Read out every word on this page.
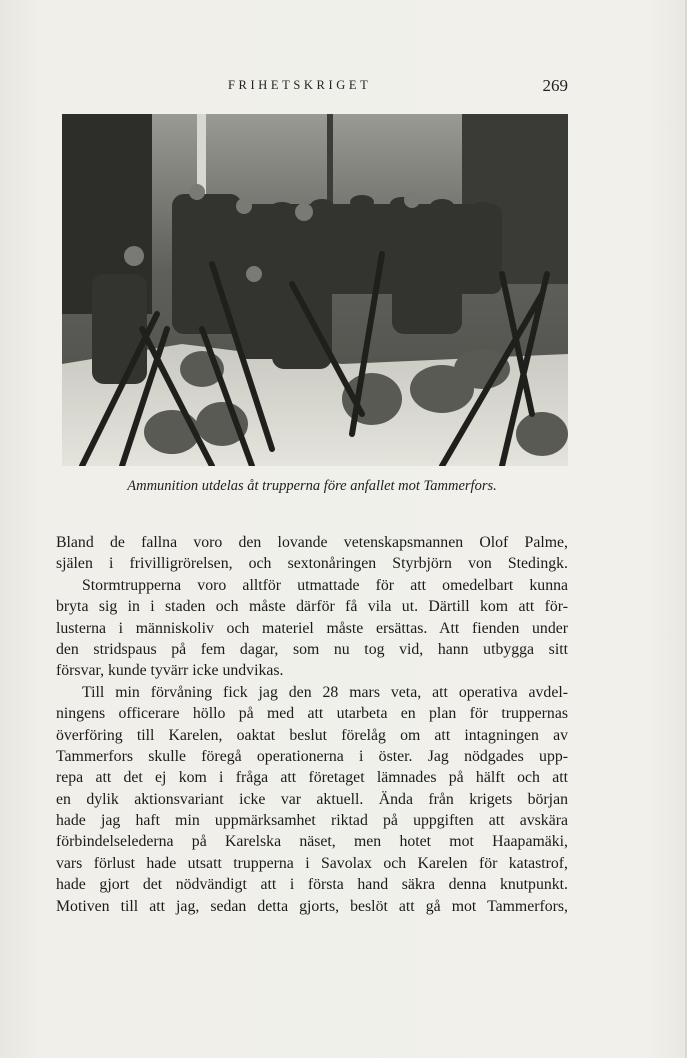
FRIHETSKRIGET	269
Ammunition utdelas åt trupperna före anfallet mot Tammerfors.
Bland de fallna voro den lovande vetenskapsmannen Olof Palme,
själen i frivilligrörelsen, och sextonåringen Styrbjörn von Stedingk.
Stormtrupperna voro alltför utmattade för att omedelbart kunna
bryta sig in i staden och måste därför få vila ut. Därtill kom att för-
lusterna i människoliv och materiel måste ersättas. Att fienden under
den stridspaus på fem dagar, som nu tog vid, hann utbygga sitt
försvar, kunde tyvärr icke undvikas.
Till min förvåning fick jag den 28 mars veta, att operativa avdel-
ningens officerare höllo på med att utarbeta en plan för truppernas
överföring till Karelen, oaktat beslut förelåg om att intagningen av
Tammerfors skulle föregå operationerna i öster. Jag nödgades upp-
repa att det ej kom i fråga att företaget lämnades på hälft och att
en dylik aktionsvariant icke var aktuell. Ända från krigets början
hade jag haft min uppmärksamhet riktad på uppgiften att avskära
förbindelselederna på Karelska näset, men hotet mot Haapamäki,
vars förlust hade utsatt trupperna i Savolax och Karelen för katastrof,
hade gjort det nödvändigt att i första hand säkra denna knutpunkt.
Motiven till att jag, sedan detta gjorts, beslöt att gå mot Tammerfors,
